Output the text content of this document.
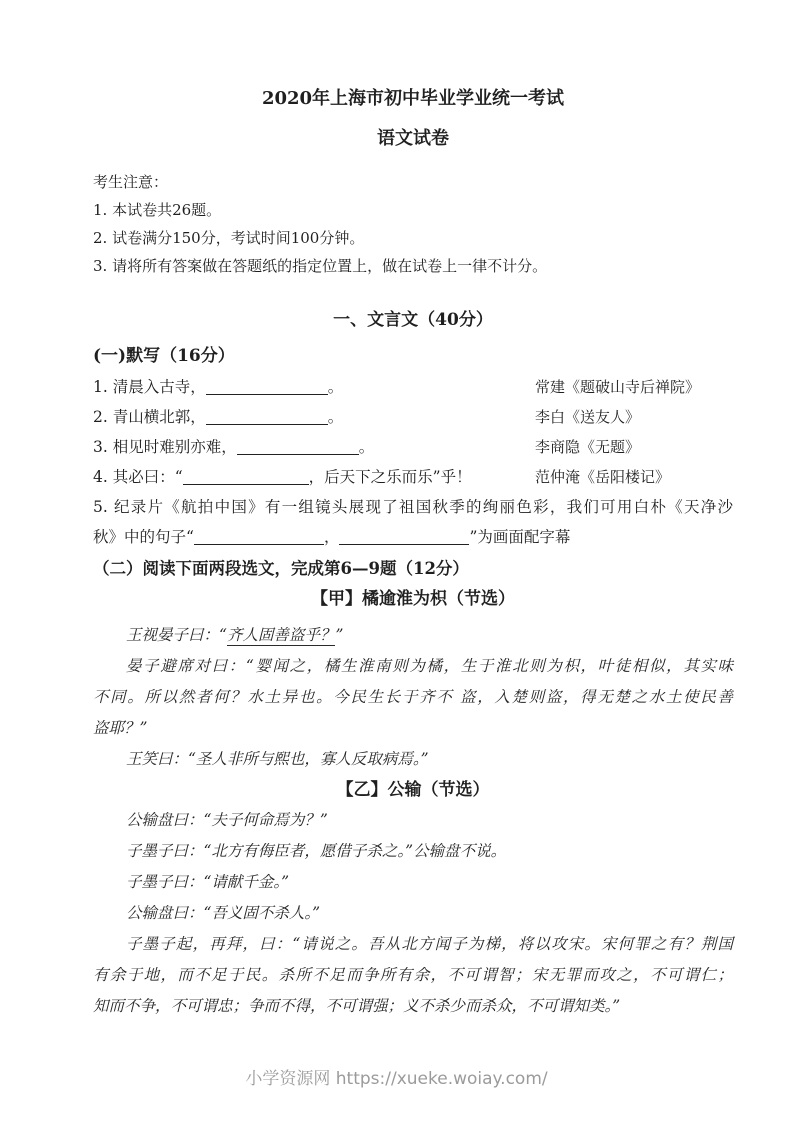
2020年上海市初中毕业学业统一考试
语文试卷
考生注意：
1. 本试卷共26题。
2. 试卷满分150分，考试时间100分钟。
3. 请将所有答案做在答题纸的指定位置上，做在试卷上一律不计分。
一、文言文（40分）
(一)默写（16分）
1. 清晨入古寺，	。	常建《题破山寺后禅院》
2. 青山横北郭，	。	李白《送友人》
3. 相见时难别亦难，	。	李商隐《无题》
4. 其必曰：“	，后天下之乐而乐”乎！	范仲淹《岳阳楼记》
5. 纪录片《航拍中国》有一组镜头展现了祖国秋季的绚丽色彩，我们可用白朴《天净沙
秋》中的句子“	，	”为画面配字幕
（二）阅读下面两段选文，完成第6—9题（12分）
【甲】橘逾淮为枳（节选）
王视晏子曰：“齐人固善盗乎？”
晏子避席对曰：“婴闻之，橘生淮南则为橘，生于淮北则为枳，叶徒相似，其实味
不同。所以然者何？水土异也。今民生长于齐不 盗，入楚则盗，得无楚之水土使民善
盗耶？”
王笑曰：“圣人非所与熙也，寡人反取病焉。”
【乙】公输（节选）
公输盘曰：“夫子何命焉为？”
子墨子曰：“北方有侮臣者，愿借子杀之。”公输盘不说。
子墨子曰：“请献千金。”
公输盘曰：“吾义固不杀人。”
子墨子起，再拜，曰：“请说之。吾从北方闻子为梯，将以攻宋。宋何罪之有？荆国
有余于地，而不足于民。杀所不足而争所有余，不可谓智；宋无罪而攻之，不可谓仁；
知而不争，不可谓忠；争而不得，不可谓强；义不杀少而杀众，不可谓知类。”
小学资源网 https://xueke.woiay.com/
